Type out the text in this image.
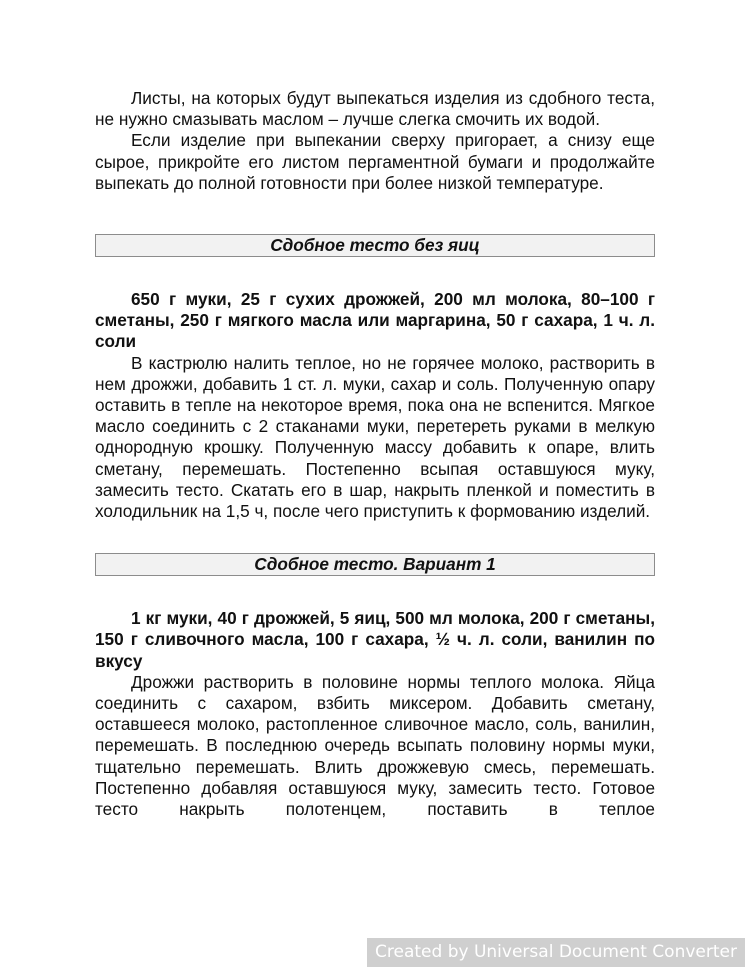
Листы, на которых будут выпекаться изделия из сдобного теста, не нужно смазывать маслом – лучше слегка смочить их водой.

Если изделие при выпекании сверху пригорает, а снизу еще сырое, прикройте его листом пергаментной бумаги и продолжайте выпекать до полной готовности при более низкой температуре.

Сдобное тесто без яиц

650 г муки, 25 г сухих дрожжей, 200 мл молока, 80–100 г сметаны, 250 г мягкого масла или маргарина, 50 г сахара, 1 ч. л. соли

В кастрюлю налить теплое, но не горячее молоко, растворить в нем дрожжи, добавить 1 ст. л. муки, сахар и соль. Полученную опару оставить в тепле на некоторое время, пока она не вспенится. Мягкое масло соединить с 2 стаканами муки, перетереть руками в мелкую однородную крошку. Полученную массу добавить к опаре, влить сметану, перемешать. Постепенно всыпая оставшуюся муку, замесить тесто. Скатать его в шар, накрыть пленкой и поместить в холодильник на 1,5 ч, после чего приступить к формованию изделий.

Сдобное тесто. Вариант 1

1 кг муки, 40 г дрожжей, 5 яиц, 500 мл молока, 200 г сметаны, 150 г сливочного масла, 100 г сахара, ½ ч. л. соли, ванилин по вкусу

Дрожжи растворить в половине нормы теплого молока. Яйца соединить с сахаром, взбить миксером. Добавить сметану, оставшееся молоко, растопленное сливочное масло, соль, ванилин, перемешать. В последнюю очередь всыпать половину нормы муки, тщательно перемешать. Влить дрожжевую смесь, перемешать. Постепенно добавляя оставшуюся муку, замесить тесто. Готовое тесто накрыть полотенцем, поставить в теплое

Created by Universal Document Converter
